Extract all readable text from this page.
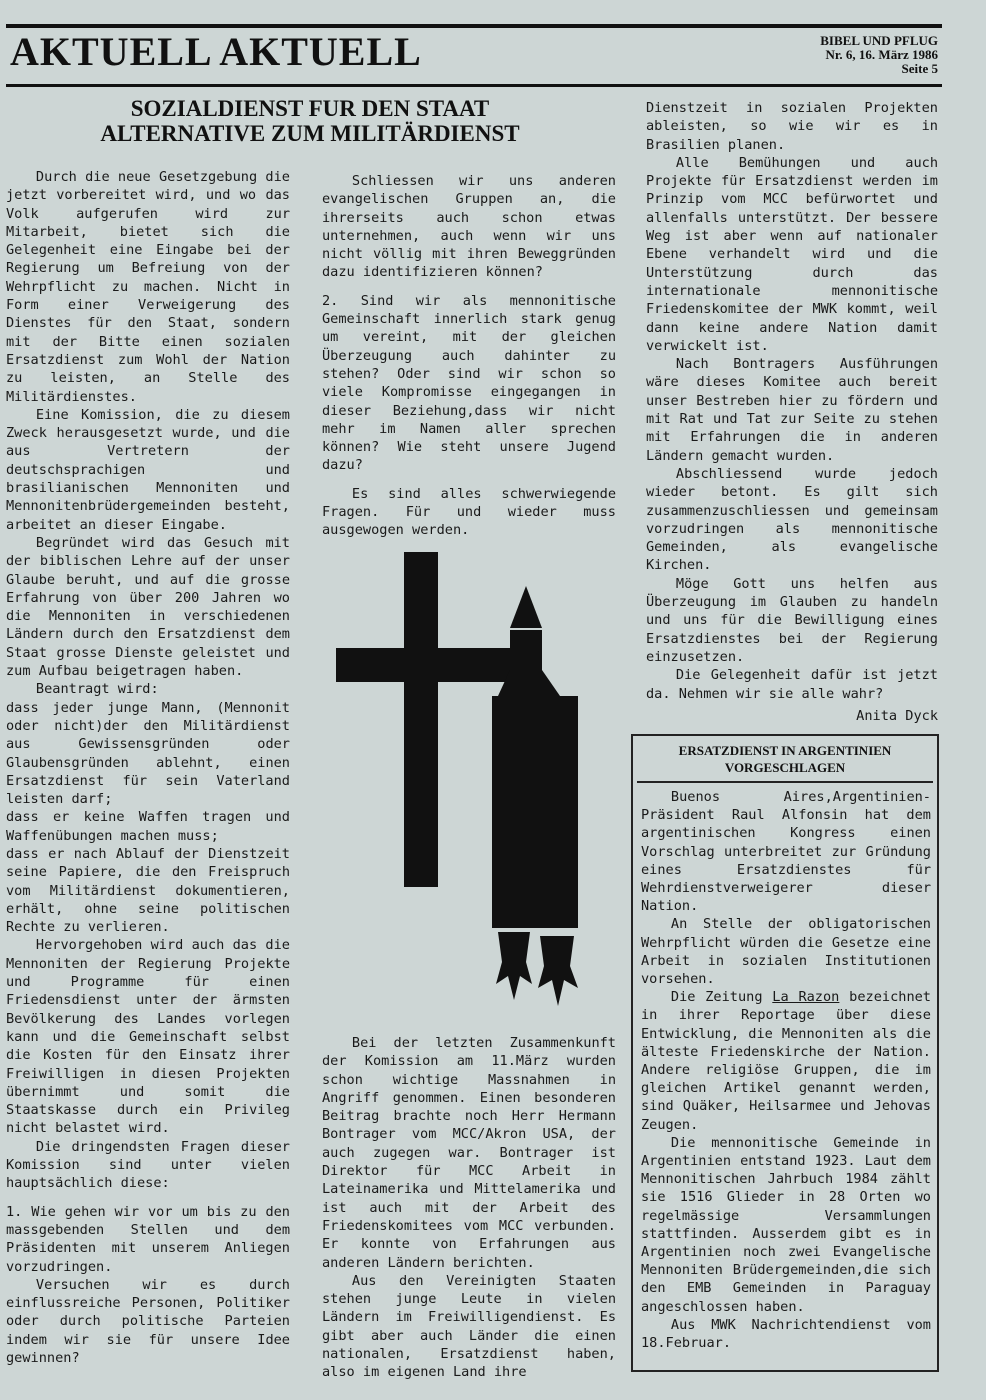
AKTUELL AKTUELL	BIBEL UND PFLUG
Nr. 6, 16. März 1986
Seite 5
SOZIALDIENST FUR DEN STAAT
ALTERNATIVE ZUM MILITÄRDIENST

Durch die neue Gesetzgebung die jetzt vorbereitet wird, und wo das Volk aufgerufen wird zur Mitarbeit, bietet sich die Gelegenheit eine Eingabe bei der Regierung um Befreiung von der Wehrpflicht zu machen. Nicht in Form einer Verweigerung des Dienstes für den Staat, sondern mit der Bitte einen sozialen Ersatzdienst zum Wohl der Nation zu leisten, an Stelle des Militärdienstes.

Eine Komission, die zu diesem Zweck herausgesetzt wurde, und die aus Vertretern der deutschsprachigen und brasilianischen Mennoniten und Mennonitenbrüdergemeinden besteht, arbeitet an dieser Eingabe.

Begründet wird das Gesuch mit der biblischen Lehre auf der unser Glaube beruht, und auf die grosse Erfahrung von über 200 Jahren wo die Mennoniten in verschiedenen Ländern durch den Ersatzdienst dem Staat grosse Dienste geleistet und zum Aufbau beigetragen haben.

Beantragt wird:

dass jeder junge Mann, (Mennonit oder nicht)der den Militärdienst aus Gewissensgründen oder Glaubensgründen ablehnt, einen Ersatzdienst für sein Vaterland leisten darf;

dass er keine Waffen tragen und Waffenübungen machen muss;

dass er nach Ablauf der Dienstzeit seine Papiere, die den Freispruch vom Militärdienst dokumentieren, erhält, ohne seine politischen Rechte zu verlieren.

Hervorgehoben wird auch das die Mennoniten der Regierung Projekte und Programme für einen Friedensdienst unter der ärmsten Bevölkerung des Landes vorlegen kann und die Gemeinschaft selbst die Kosten für den Einsatz ihrer Freiwilligen in diesen Projekten übernimmt und somit die Staatskasse durch ein Privileg nicht belastet wird.

Die dringendsten Fragen dieser Komission sind unter vielen hauptsächlich diese:

1. Wie gehen wir vor um bis zu den massgebenden Stellen und dem Präsidenten mit unserem Anliegen vorzudringen.

Versuchen wir es durch einflussreiche Personen, Politiker oder durch politische Parteien indem wir sie für unsere Idee gewinnen?

Schliessen wir uns anderen evangelischen Gruppen an, die ihrerseits auch schon etwas unternehmen, auch wenn wir uns nicht völlig mit ihren Beweggründen dazu identifizieren können?

2. Sind wir als mennonitische Gemeinschaft innerlich stark genug um vereint, mit der gleichen Überzeugung auch dahinter zu stehen? Oder sind wir schon so viele Kompromisse eingegangen in dieser Beziehung,dass wir nicht mehr im Namen aller sprechen können? Wie steht unsere Jugend dazu?

Es sind alles schwerwiegende Fragen. Für und wieder muss ausgewogen werden.

Bei der letzten Zusammenkunft der Komission am 11.März wurden schon wichtige Massnahmen in Angriff genommen. Einen besonderen Beitrag brachte noch Herr Hermann Bontrager vom MCC/Akron USA, der auch zugegen war. Bontrager ist Direktor für MCC Arbeit in Lateinamerika und Mittelamerika und ist auch mit der Arbeit des Friedenskomitees vom MCC verbunden. Er konnte von Erfahrungen aus anderen Ländern berichten.

Aus den Vereinigten Staaten stehen junge Leute in vielen Ländern im Freiwilligendienst. Es gibt aber auch Länder die einen nationalen, Ersatzdienst haben, also im eigenen Land ihre

Dienstzeit in sozialen Projekten ableisten, so wie wir es in Brasilien planen.

Alle Bemühungen und auch Projekte für Ersatzdienst werden im Prinzip vom MCC befürwortet und allenfalls unterstützt. Der bessere Weg ist aber wenn auf nationaler Ebene verhandelt wird und die Unterstützung durch das internationale mennonitische Friedenskomitee der MWK kommt, weil dann keine andere Nation damit verwickelt ist.

Nach Bontragers Ausführungen wäre dieses Komitee auch bereit unser Bestreben hier zu fördern und mit Rat und Tat zur Seite zu stehen mit Erfahrungen die in anderen Ländern gemacht wurden.

Abschliessend wurde jedoch wieder betont. Es gilt sich zusammenzuschliessen und gemeinsam vorzudringen als mennonitische Gemeinden, als evangelische Kirchen.

Möge Gott uns helfen aus Überzeugung im Glauben zu handeln und uns für die Bewilligung eines Ersatzdienstes bei der Regierung einzusetzen.

Die Gelegenheit dafür ist jetzt da. Nehmen wir sie alle wahr?

Anita Dyck

ERSATZDIENST IN ARGENTINIEN
VORGESCHLAGEN

Buenos Aires,Argentinien-Präsident Raul Alfonsin hat dem argentinischen Kongress einen Vorschlag unterbreitet zur Gründung eines Ersatzdienstes für Wehrdienstverweigerer dieser Nation.

An Stelle der obligatorischen Wehrpflicht würden die Gesetze eine Arbeit in sozialen Institutionen vorsehen.

Die Zeitung La Razon bezeichnet in ihrer Reportage über diese Entwicklung, die Mennoniten als die älteste Friedenskirche der Nation. Andere religiöse Gruppen, die im gleichen Artikel genannt werden, sind Quäker, Heilsarmee und Jehovas Zeugen.

Die mennonitische Gemeinde in Argentinien entstand 1923. Laut dem Mennonitischen Jahrbuch 1984 zählt sie 1516 Glieder in 28 Orten wo regelmässige Versammlungen stattfinden. Ausserdem gibt es in Argentinien noch zwei Evangelische Mennoniten Brüdergemeinden,die sich den EMB Gemeinden in Paraguay angeschlossen haben.

Aus MWK Nachrichtendienst vom 18.Februar.
